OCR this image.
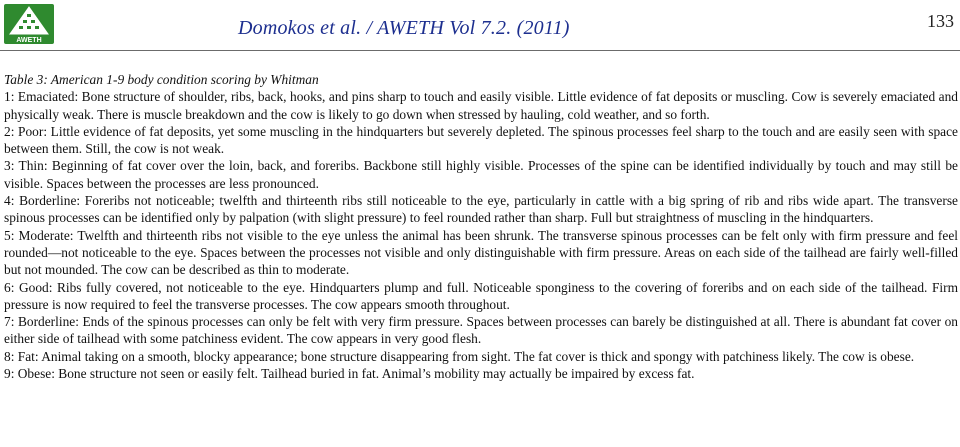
AWETH
Domokos et al. / AWETH Vol 7.2. (2011)	133

Table 3: American 1-9 body condition scoring by Whitman

1: Emaciated: Bone structure of shoulder, ribs, back, hooks, and pins sharp to touch and easily visible. Little evidence of fat deposits or muscling. Cow is severely emaciated and physically weak. There is muscle breakdown and the cow is likely to go down when stressed by hauling, cold weather, and so forth.

2: Poor: Little evidence of fat deposits, yet some muscling in the hindquarters but severely depleted. The spinous processes feel sharp to the touch and are easily seen with space between them. Still, the cow is not weak.

3: Thin: Beginning of fat cover over the loin, back, and foreribs. Backbone still highly visible. Processes of the spine can be identified individually by touch and may still be visible. Spaces between the processes are less pronounced.

4: Borderline: Foreribs not noticeable; twelfth and thirteenth ribs still noticeable to the eye, particularly in cattle with a big spring of rib and ribs wide apart. The transverse spinous processes can be identified only by palpation (with slight pressure) to feel rounded rather than sharp. Full but straightness of muscling in the hindquarters.

5: Moderate: Twelfth and thirteenth ribs not visible to the eye unless the animal has been shrunk. The transverse spinous processes can be felt only with firm pressure and feel rounded—not noticeable to the eye. Spaces between the processes not visible and only distinguishable with firm pressure. Areas on each side of the tailhead are fairly well-filled but not mounded. The cow can be described as thin to moderate.

6: Good: Ribs fully covered, not noticeable to the eye. Hindquarters plump and full. Noticeable sponginess to the covering of foreribs and on each side of the tailhead. Firm pressure is now required to feel the transverse processes. The cow appears smooth throughout.

7: Borderline: Ends of the spinous processes can only be felt with very firm pressure. Spaces between processes can barely be distinguished at all. There is abundant fat cover on either side of tailhead with some patchiness evident. The cow appears in very good flesh.

8: Fat: Animal taking on a smooth, blocky appearance; bone structure disappearing from sight. The fat cover is thick and spongy with patchiness likely. The cow is obese.

9: Obese: Bone structure not seen or easily felt. Tailhead buried in fat. Animal’s mobility may actually be impaired by excess fat.
